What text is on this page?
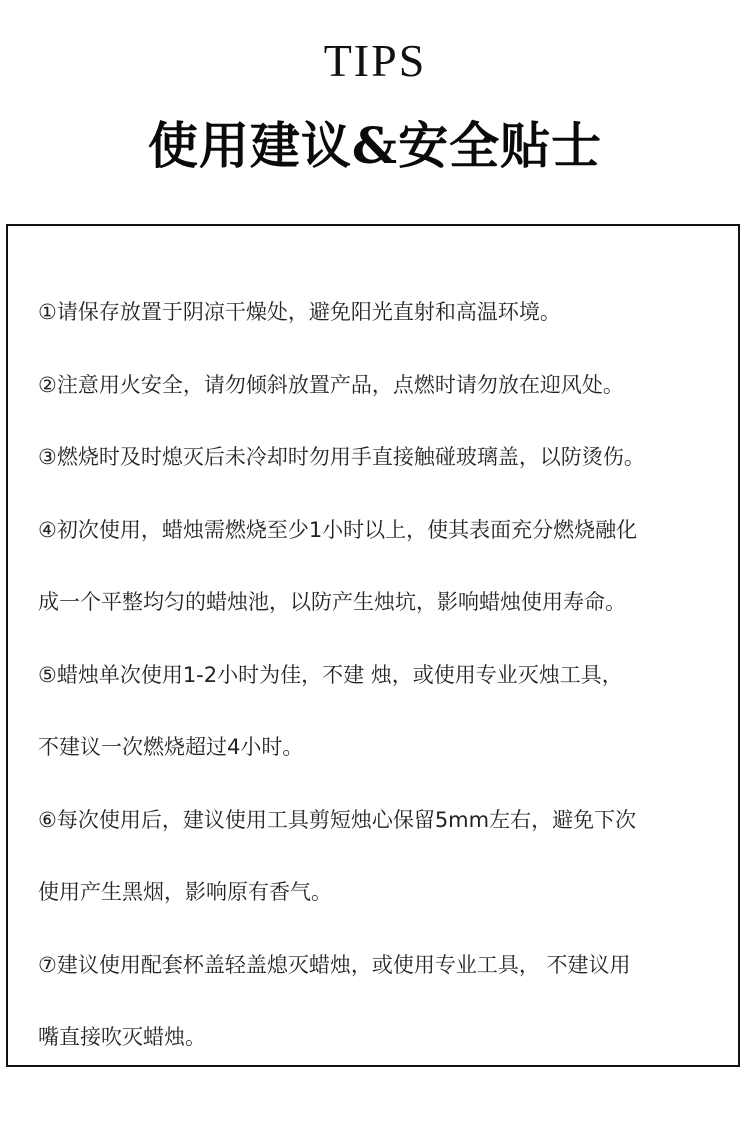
TIPS
使用建议&安全贴士
①请保存放置于阴凉干燥处，避免阳光直射和高温环境。
②注意用火安全，请勿倾斜放置产品，点燃时请勿放在迎风处。
③燃烧时及时熄灭后未冷却时勿用手直接触碰玻璃盖，以防烫伤。
④初次使用，蜡烛需燃烧至少1小时以上，使其表面充分燃烧融化
成一个平整均匀的蜡烛池，以防产生烛坑，影响蜡烛使用寿命。
⑤蜡烛单次使用1-2小时为佳，不建 烛，或使用专业灭烛工具，
不建议一次燃烧超过4小时。
⑥每次使用后，建议使用工具剪短烛心保留5mm左右，避免下次
使用产生黑烟，影响原有香气。
⑦建议使用配套杯盖轻盖熄灭蜡烛，或使用专业工具， 不建议用
嘴直接吹灭蜡烛。
